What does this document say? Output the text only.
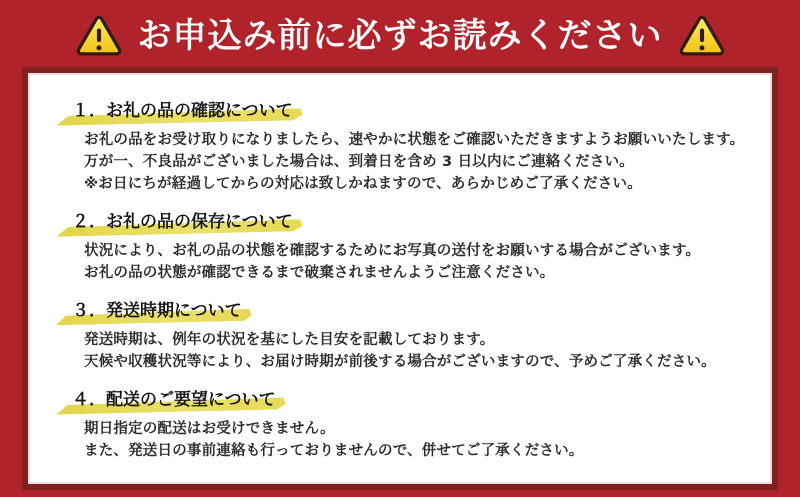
お申込み前に必ずお読みください
１．お礼の品の確認について

お礼の品をお受け取りになりましたら、速やかに状態をご確認いただきますようお願いいたします。

万が一、不良品がございました場合は、到着日を含め 3 日以内にご連絡ください。

※お日にちが経過してからの対応は致しかねますので、あらかじめご了承ください。

２．お礼の品の保存について

状況により、お礼の品の状態を確認するためにお写真の送付をお願いする場合がございます。

お礼の品の状態が確認できるまで破棄されませんようご注意ください。

３．発送時期について

発送時期は、例年の状況を基にした目安を記載しております。

天候や収穫状況等により、お届け時期が前後する場合がございますので、予めご了承ください。

４．配送のご要望について

期日指定の配送はお受けできません。

また、発送日の事前連絡も行っておりませんので、併せてご了承ください。
